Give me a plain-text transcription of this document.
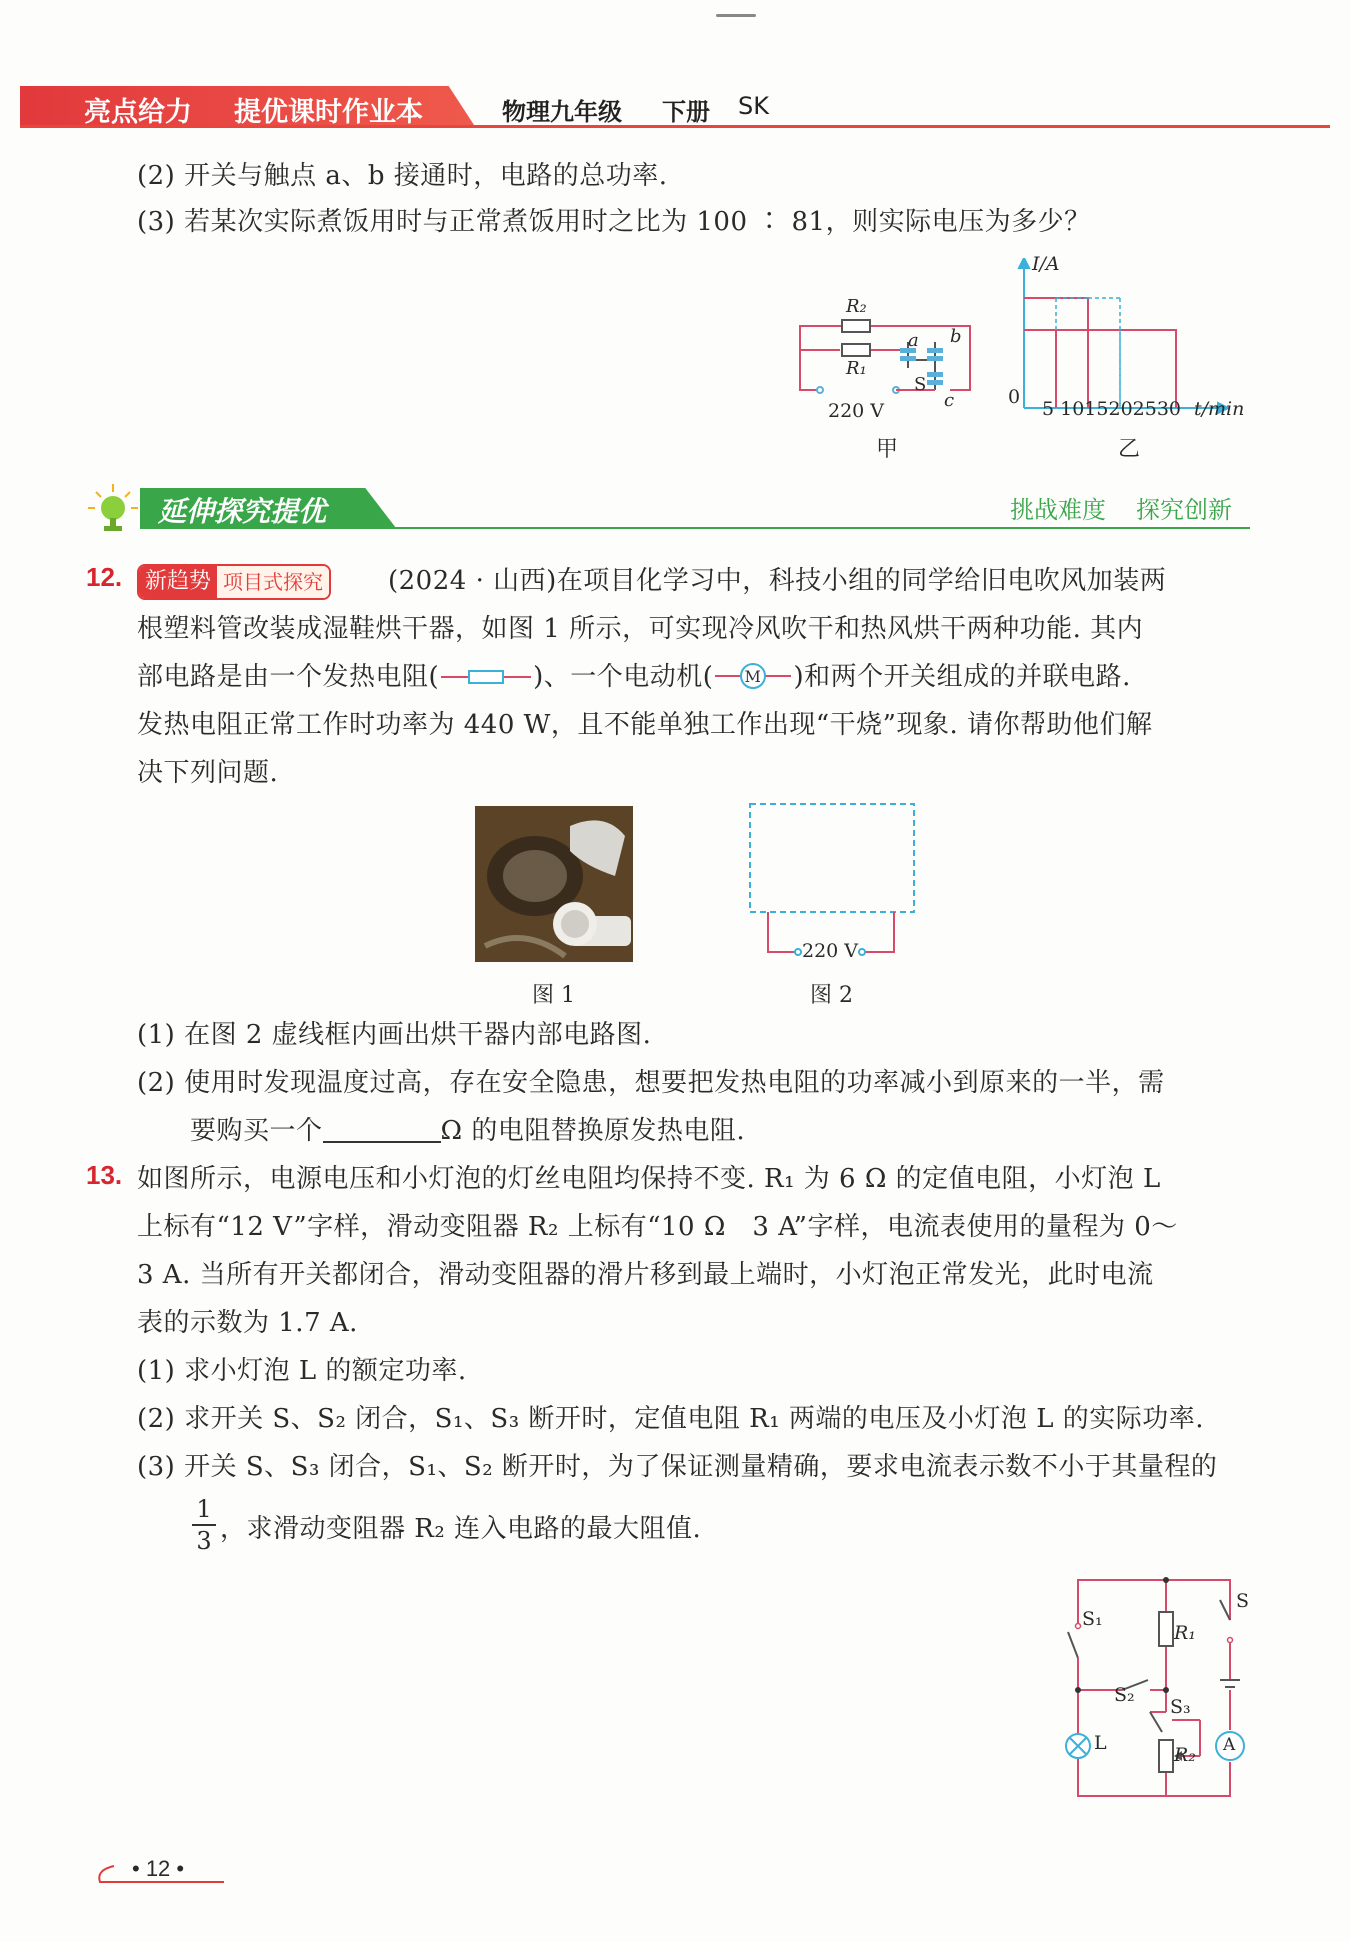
亮点给力 提优课时作业本	物理九年级 下册 SK
(2) 开关与触点 a、b 接通时，电路的总功率.
(3) 若某次实际煮饭用时与正常煮饭用时之比为 100 ∶ 81，则实际电压为多少？
R₂
R₁
a b
S
c
220 V
甲
I/A
0
5 1015202530 t/min
乙
延伸探究提优	挑战难度 探究创新
12. 新趋势 项目式探究 (2024 · 山西)在项目化学习中，科技小组的同学给旧电吹风加装两
根塑料管改装成湿鞋烘干器，如图 1 所示，可实现冷风吹干和热风烘干两种功能. 其内
部电路是由一个发热电阻(	)、一个电动机( M )和两个开关组成的并联电路.
发热电阻正常工作时功率为 440 W，且不能单独工作出现“干烧”现象. 请你帮助他们解
决下列问题.
图 1
220 V
图 2
(1) 在图 2 虚线框内画出烘干器内部电路图.
(2) 使用时发现温度过高，存在安全隐患，想要把发热电阻的功率减小到原来的一半，需
要购买一个	Ω 的电阻替换原发热电阻.
13. 如图所示，电源电压和小灯泡的灯丝电阻均保持不变. R₁ 为 6 Ω 的定值电阻，小灯泡 L
上标有“12 V”字样，滑动变阻器 R₂ 上标有“10 Ω　3 A”字样，电流表使用的量程为 0～
3 A. 当所有开关都闭合，滑动变阻器的滑片移到最上端时，小灯泡正常发光，此时电流
表的示数为 1.7 A.
(1) 求小灯泡 L 的额定功率.
(2) 求开关 S、S₂ 闭合，S₁、S₃ 断开时，定值电阻 R₁ 两端的电压及小灯泡 L 的实际功率.
(3) 开关 S、S₃ 闭合，S₁、S₂ 断开时，为了保证测量精确，要求电流表示数不小于其量程的
1
3 ，求滑动变阻器 R₂ 连入电路的最大阻值.
S
S₁
R₁
S₂
S₃
L	A
R₂
• 12 •
